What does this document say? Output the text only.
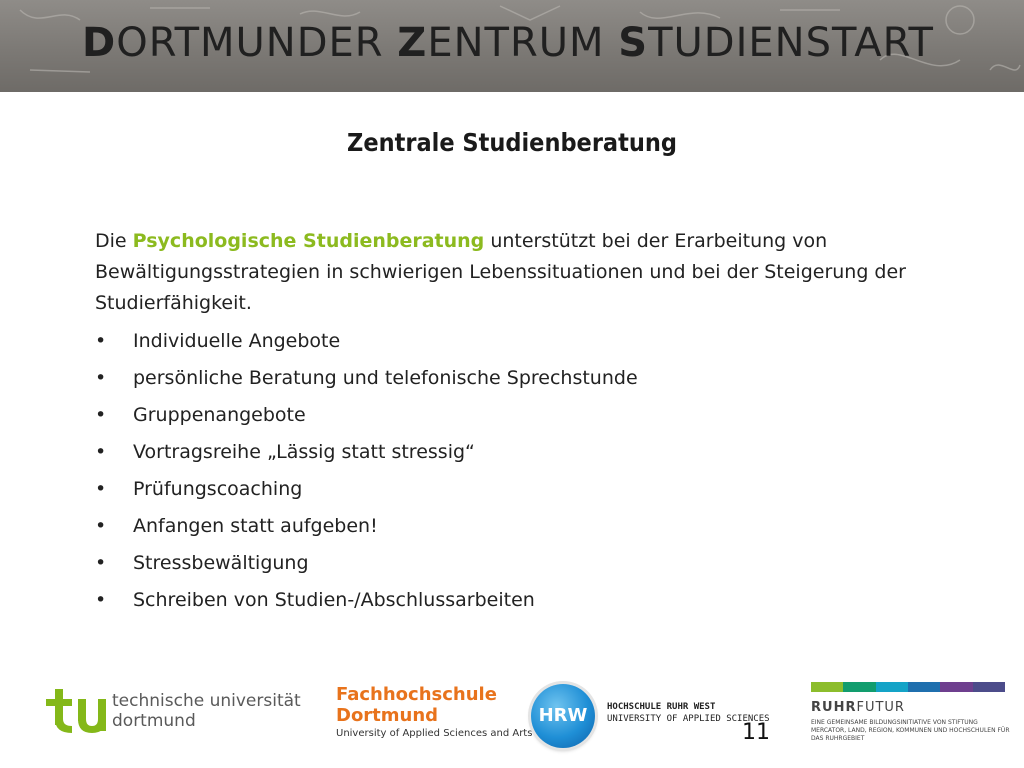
DORTMUNDER ZENTRUM STUDIENSTART
Zentrale Studienberatung
Die Psychologische Studienberatung unterstützt bei der Erarbeitung von Bewältigungsstrategien in schwierigen Lebenssituationen und bei der Steigerung der Studierfähigkeit.
• Individuelle Angebote
• persönliche Beratung und telefonische Sprechstunde
• Gruppenangebote
• Vortragsreihe „Lässig statt stressig“
• Prüfungscoaching
• Anfangen statt aufgeben!
• Stressbewältigung
• Schreiben von Studien-/Abschlussarbeiten
technische universität
dortmund
Fachhochschule
Dortmund
University of Applied Sciences and Arts
HRW	HOCHSCHULE RUHR WEST
UNIVERSITY OF APPLIED SCIENCES
RUHRFUTUR
EINE GEMEINSAME BILDUNGSINITIATIVE VON STIFTUNG MERCATOR, LAND, REGION, KOMMUNEN UND HOCHSCHULEN FÜR DAS RUHRGEBIET
11
